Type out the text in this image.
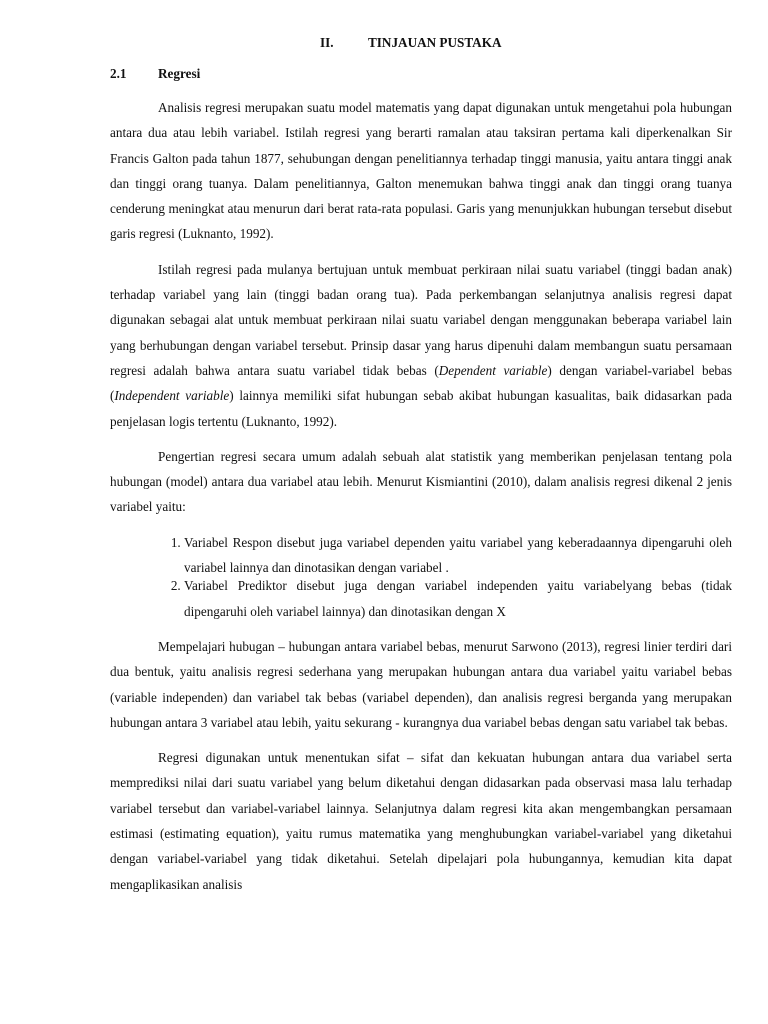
II.	TINJAUAN PUSTAKA
2.1 Regresi

Analisis regresi merupakan suatu model matematis yang dapat digunakan untuk mengetahui pola hubungan antara dua atau lebih variabel. Istilah regresi yang berarti ramalan atau taksiran pertama kali diperkenalkan Sir Francis Galton pada tahun 1877, sehubungan dengan penelitiannya terhadap tinggi manusia, yaitu antara tinggi anak dan tinggi orang tuanya. Dalam penelitiannya, Galton menemukan bahwa tinggi anak dan tinggi orang tuanya cenderung meningkat atau menurun dari berat rata-rata populasi. Garis yang menunjukkan hubungan tersebut disebut garis regresi (Luknanto, 1992).

Istilah regresi pada mulanya bertujuan untuk membuat perkiraan nilai suatu variabel (tinggi badan anak) terhadap variabel yang lain (tinggi badan orang tua). Pada perkembangan selanjutnya analisis regresi dapat digunakan sebagai alat untuk membuat perkiraan nilai suatu variabel dengan menggunakan beberapa variabel lain yang berhubungan dengan variabel tersebut. Prinsip dasar yang harus dipenuhi dalam membangun suatu persamaan regresi adalah bahwa antara suatu variabel tidak bebas (Dependent variable) dengan variabel-variabel bebas (Independent variable) lainnya memiliki sifat hubungan sebab akibat hubungan kasualitas, baik didasarkan pada penjelasan logis tertentu (Luknanto, 1992).

Pengertian regresi secara umum adalah sebuah alat statistik yang memberikan penjelasan tentang pola hubungan (model) antara dua variabel atau lebih. Menurut Kismiantini (2010), dalam analisis regresi dikenal 2 jenis variabel yaitu:

1. Variabel Respon disebut juga variabel dependen yaitu variabel yang keberadaannya dipengaruhi oleh variabel lainnya dan dinotasikan dengan variabel .
2. Variabel Prediktor disebut juga dengan variabel independen yaitu variabelyang bebas (tidak dipengaruhi oleh variabel lainnya) dan dinotasikan dengan X

Mempelajari hubugan – hubungan antara variabel bebas, menurut Sarwono (2013), regresi linier terdiri dari dua bentuk, yaitu analisis regresi sederhana yang merupakan hubungan antara dua variabel yaitu variabel bebas (variable independen) dan variabel tak bebas (variabel dependen), dan analisis regresi berganda yang merupakan hubungan antara 3 variabel atau lebih, yaitu sekurang - kurangnya dua variabel bebas dengan satu variabel tak bebas.

Regresi digunakan untuk menentukan sifat – sifat dan kekuatan hubungan antara dua variabel serta memprediksi nilai dari suatu variabel yang belum diketahui dengan didasarkan pada observasi masa lalu terhadap variabel tersebut dan variabel-variabel lainnya. Selanjutnya dalam regresi kita akan mengembangkan persamaan estimasi (estimating equation), yaitu rumus matematika yang menghubungkan variabel-variabel yang diketahui dengan variabel-variabel yang tidak diketahui. Setelah dipelajari pola hubungannya, kemudian kita dapat mengaplikasikan analisis
